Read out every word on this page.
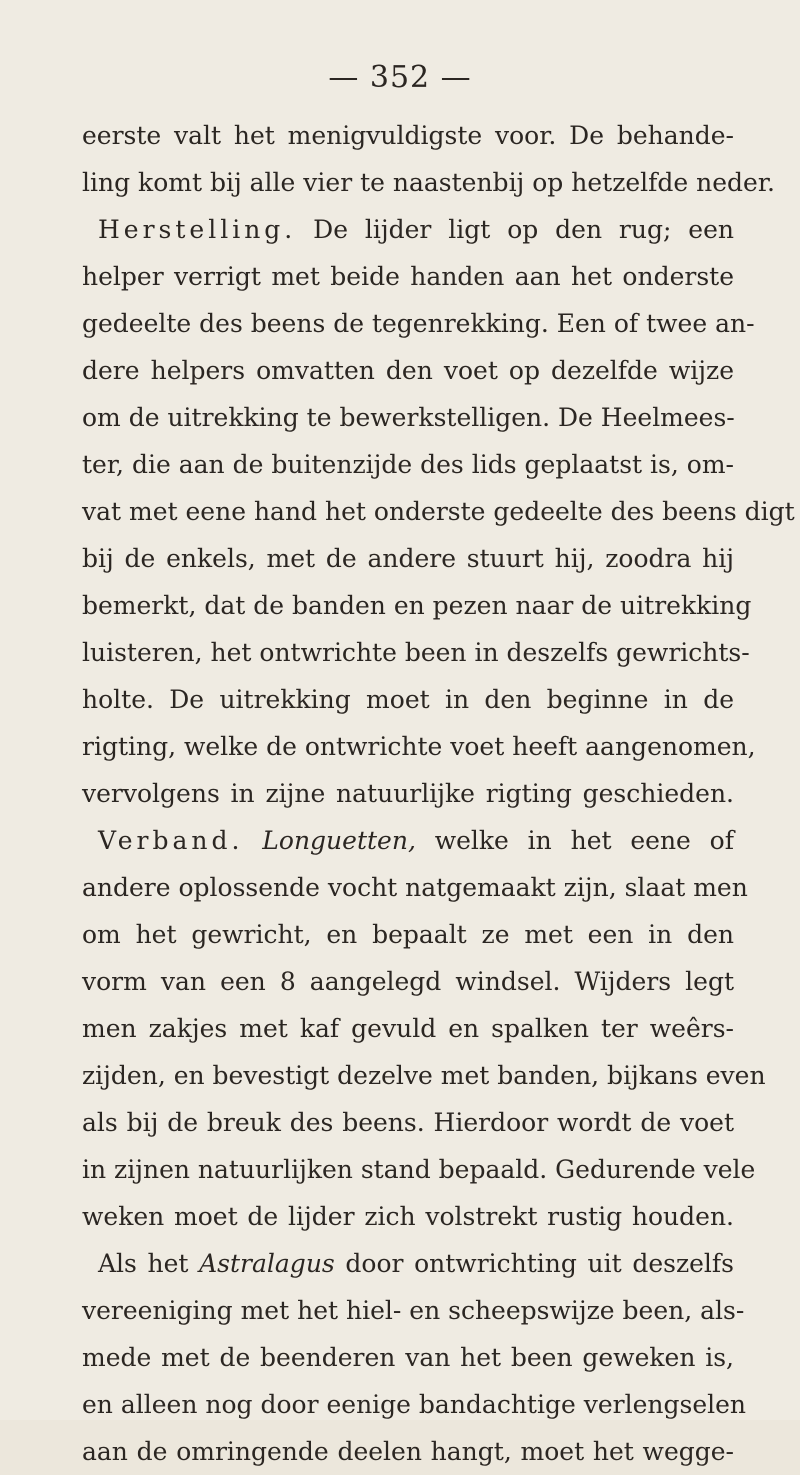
— 352 —
eerste valt het menigvuldigste voor. De behande-
ling komt bij alle vier te naastenbij op hetzelfde neder.
Herstelling. De lijder ligt op den rug; een
helper verrigt met beide handen aan het onderste
gedeelte des beens de tegenrekking. Een of twee an-
dere helpers omvatten den voet op dezelfde wijze
om de uitrekking te bewerkstelligen. De Heelmees-
ter, die aan de buitenzijde des lids geplaatst is, om-
vat met eene hand het onderste gedeelte des beens digt
bij de enkels, met de andere stuurt hij, zoodra hij
bemerkt, dat de banden en pezen naar de uitrekking
luisteren, het ontwrichte been in deszelfs gewrichts-
holte. De uitrekking moet in den beginne in de
rigting, welke de ontwrichte voet heeft aangenomen,
vervolgens in zijne natuurlijke rigting geschieden.
Verband. Longuetten, welke in het eene of
andere oplossende vocht natgemaakt zijn, slaat men
om het gewricht, en bepaalt ze met een in den
vorm van een 8 aangelegd windsel. Wijders legt
men zakjes met kaf gevuld en spalken ter weêrs-
zijden, en bevestigt dezelve met banden, bijkans even
als bij de breuk des beens. Hierdoor wordt de voet
in zijnen natuurlijken stand bepaald. Gedurende vele
weken moet de lijder zich volstrekt rustig houden.
Als het Astralagus door ontwrichting uit deszelfs
vereeniging met het hiel- en scheepswijze been, als-
mede met de beenderen van het been geweken is,
en alleen nog door eenige bandachtige verlengselen
aan de omringende deelen hangt, moet het wegge-
